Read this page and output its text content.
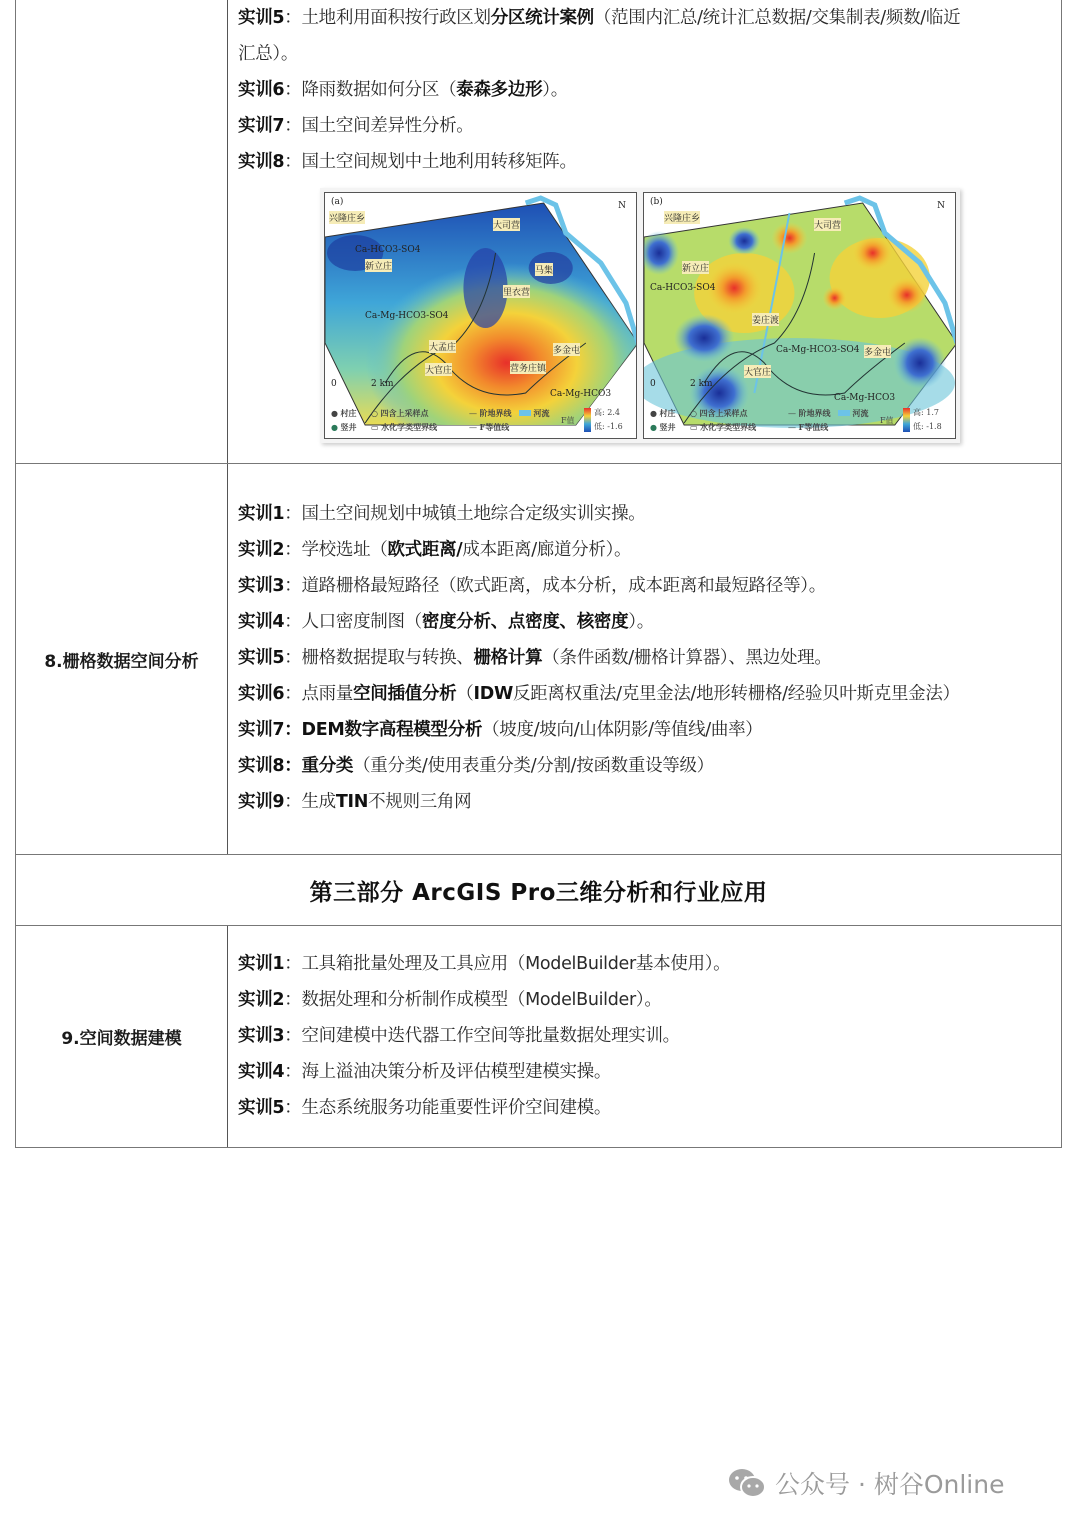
实训5：土地利用面积按行政区划分区统计案例（范围内汇总/统计汇总数据/交集制表/频数/临近
汇总）。
实训6：降雨数据如何分区（泰森多边形）。
实训7：国土空间差异性分析。
实训8：国土空间规划中土地利用转移矩阵。
(a)
兴隆庄乡
大司营
新立庄	马集
里衣营
大孟庄
大官庄	营务庄镇
多金屯
Ca-HCO3-SO4
Ca-Mg-HCO3-SO4
Ca-Mg-HCO3
N
0	2 km
● 村庄 ○ 四含上采样点	— 阶地界线	河流
● 竖井 ▭ 水化学类型界线	— F等值线
F值
高: 2.4
低: -1.6
(b)
兴隆庄乡
大司营
新立庄
姜庄渡
大官庄
多金屯
Ca-HCO3-SO4
Ca-Mg-HCO3-SO4
Ca-Mg-HCO3
N
0	2 km
● 村庄 ○ 四含上采样点	— 阶地界线	河流
● 竖井 ▭ 水化学类型界线	— F等值线
F值
高: 1.7
低: -1.8
8.栅格数据空间分析
实训1：国土空间规划中城镇土地综合定级实训实操。
实训2：学校选址（欧式距离/成本距离/廊道分析）。
实训3：道路栅格最短路径（欧式距离，成本分析，成本距离和最短路径等）。
实训4：人口密度制图（密度分析、点密度、核密度）。
实训5：栅格数据提取与转换、栅格计算（条件函数/栅格计算器）、黑边处理。
实训6：点雨量空间插值分析（IDW反距离权重法/克里金法/地形转栅格/经验贝叶斯克里金法）
实训7：DEM数字高程模型分析（坡度/坡向/山体阴影/等值线/曲率）
实训8：重分类（重分类/使用表重分类/分割/按函数重设等级）
实训9：生成TIN不规则三角网
第三部分 ArcGIS Pro三维分析和行业应用
9.空间数据建模
实训1：工具箱批量处理及工具应用（ModelBuilder基本使用）。
实训2：数据处理和分析制作成模型（ModelBuilder）。
实训3：空间建模中迭代器工作空间等批量数据处理实训。
实训4：海上溢油决策分析及评估模型建模实操。
实训5：生态系统服务功能重要性评价空间建模。
公众号 · 树谷Online
